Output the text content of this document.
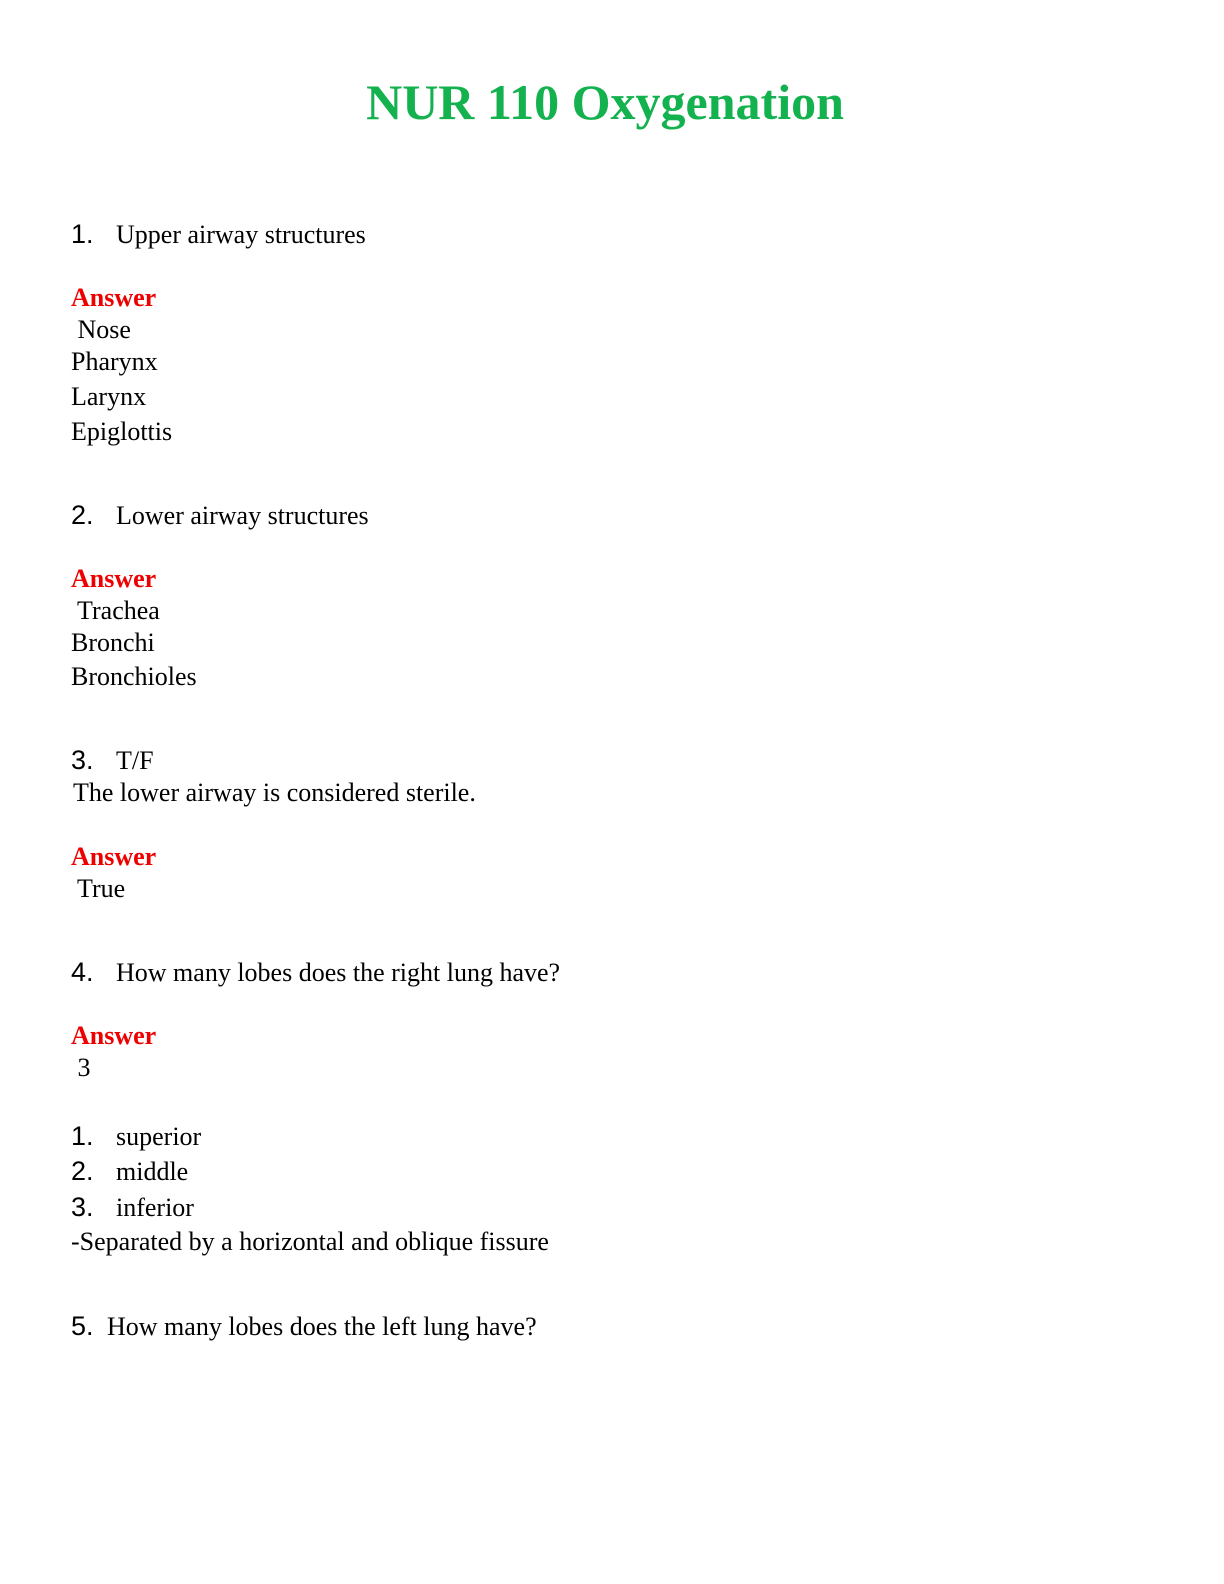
NUR 110 Oxygenation
1. Upper airway structures
Answer
Nose
Pharynx
Larynx
Epiglottis
2. Lower airway structures
Answer
Trachea
Bronchi
Bronchioles
3. T/F
The lower airway is considered sterile.
Answer
True
4. How many lobes does the right lung have?
Answer
3
1. superior
2. middle
3. inferior
-Separated by a horizontal and oblique fissure
5. How many lobes does the left lung have?
